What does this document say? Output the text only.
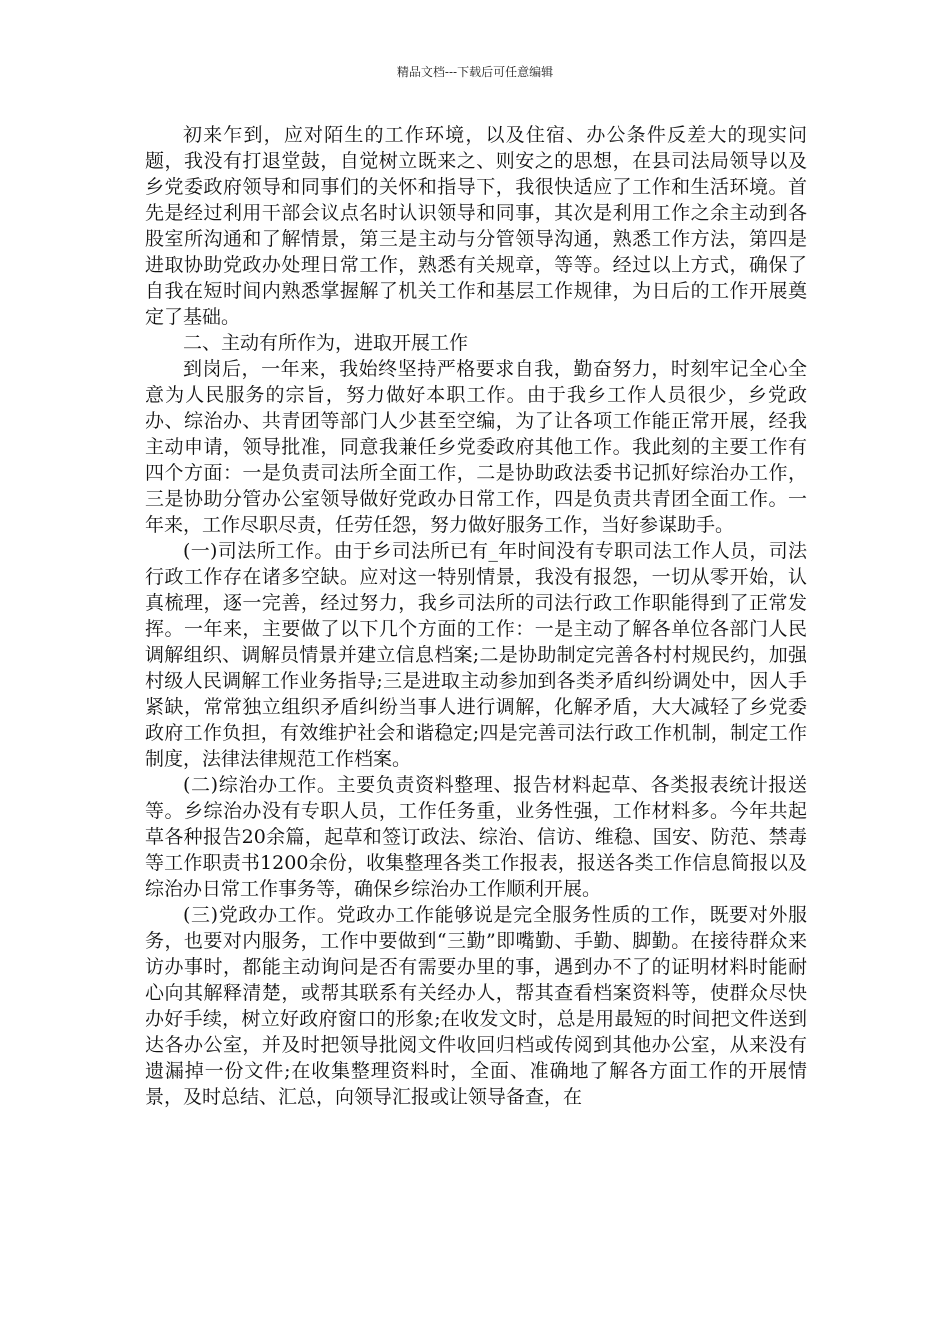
精品文档---下载后可任意编辑

初来乍到，应对陌生的工作环境，以及住宿、办公条件反差大的现实问题，我没有打退堂鼓，自觉树立既来之、则安之的思想，在县司法局领导以及乡党委政府领导和同事们的关怀和指导下，我很快适应了工作和生活环境。首先是经过利用干部会议点名时认识领导和同事，其次是利用工作之余主动到各股室所沟通和了解情景，第三是主动与分管领导沟通，熟悉工作方法，第四是进取协助党政办处理日常工作，熟悉有关规章，等等。经过以上方式，确保了自我在短时间内熟悉掌握解了机关工作和基层工作规律，为日后的工作开展奠定了基础。

二、主动有所作为，进取开展工作

到岗后，一年来，我始终坚持严格要求自我，勤奋努力，时刻牢记全心全意为人民服务的宗旨，努力做好本职工作。由于我乡工作人员很少，乡党政办、综治办、共青团等部门人少甚至空编，为了让各项工作能正常开展，经我主动申请，领导批准，同意我兼任乡党委政府其他工作。我此刻的主要工作有四个方面：一是负责司法所全面工作，二是协助政法委书记抓好综治办工作，三是协助分管办公室领导做好党政办日常工作，四是负责共青团全面工作。一年来，工作尽职尽责，任劳任怨，努力做好服务工作，当好参谋助手。

(一)司法所工作。由于乡司法所已有_年时间没有专职司法工作人员，司法行政工作存在诸多空缺。应对这一特别情景，我没有报怨，一切从零开始，认真梳理，逐一完善，经过努力，我乡司法所的司法行政工作职能得到了正常发挥。一年来，主要做了以下几个方面的工作：一是主动了解各单位各部门人民调解组织、调解员情景并建立信息档案;二是协助制定完善各村村规民约，加强村级人民调解工作业务指导;三是进取主动参加到各类矛盾纠纷调处中，因人手紧缺，常常独立组织矛盾纠纷当事人进行调解，化解矛盾，大大减轻了乡党委政府工作负担，有效维护社会和谐稳定;四是完善司法行政工作机制，制定工作制度，法律法律规范工作档案。

(二)综治办工作。主要负责资料整理、报告材料起草、各类报表统计报送等。乡综治办没有专职人员，工作任务重，业务性强，工作材料多。今年共起草各种报告20余篇，起草和签订政法、综治、信访、维稳、国安、防范、禁毒等工作职责书1200余份，收集整理各类工作报表，报送各类工作信息简报以及综治办日常工作事务等，确保乡综治办工作顺利开展。

(三)党政办工作。党政办工作能够说是完全服务性质的工作，既要对外服务，也要对内服务，工作中要做到“三勤”即嘴勤、手勤、脚勤。在接待群众来访办事时，都能主动询问是否有需要办里的事，遇到办不了的证明材料时能耐心向其解释清楚，或帮其联系有关经办人，帮其查看档案资料等，使群众尽快办好手续，树立好政府窗口的形象;在收发文时，总是用最短的时间把文件送到达各办公室，并及时把领导批阅文件收回归档或传阅到其他办公室，从来没有遗漏掉一份文件;在收集整理资料时，全面、准确地了解各方面工作的开展情景，及时总结、汇总，向领导汇报或让领导备查，在
